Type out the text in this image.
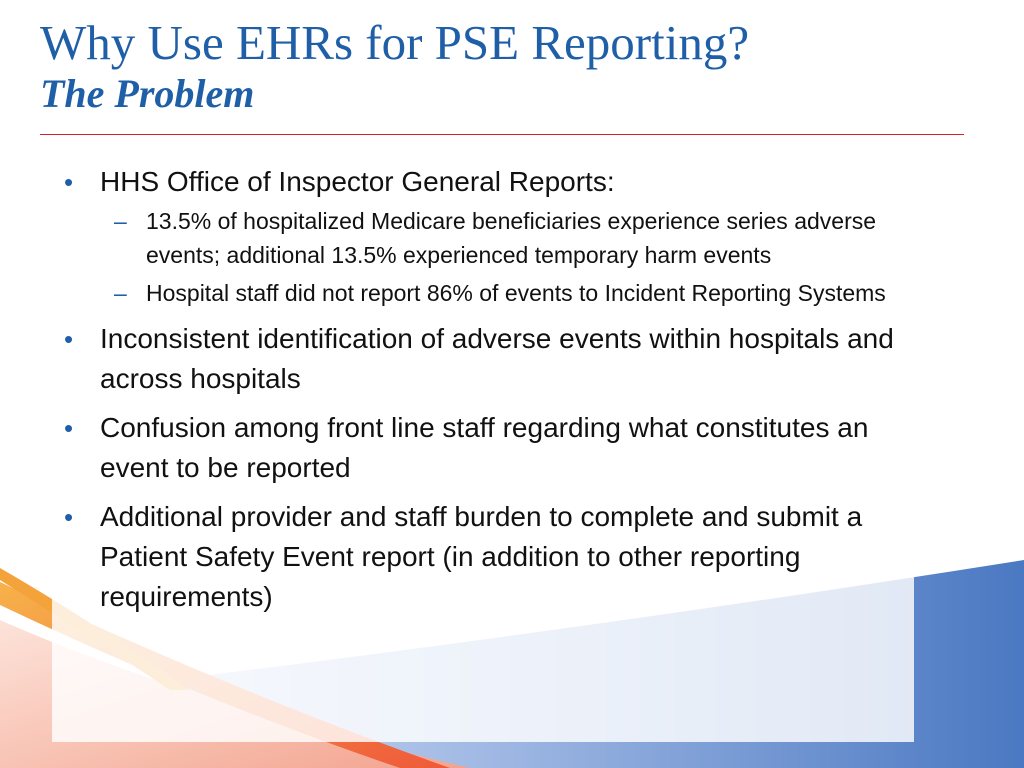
Why Use EHRs for PSE Reporting?
The Problem
• HHS Office of Inspector General Reports:
– 13.5% of hospitalized Medicare beneficiaries experience series adverse events; additional 13.5% experienced temporary harm events
– Hospital staff did not report 86% of events to Incident Reporting Systems
• Inconsistent identification of adverse events within hospitals and across hospitals
• Confusion among front line staff regarding what constitutes an event to be reported
• Additional provider and staff burden to complete and submit a Patient Safety Event report (in addition to other reporting requirements)
